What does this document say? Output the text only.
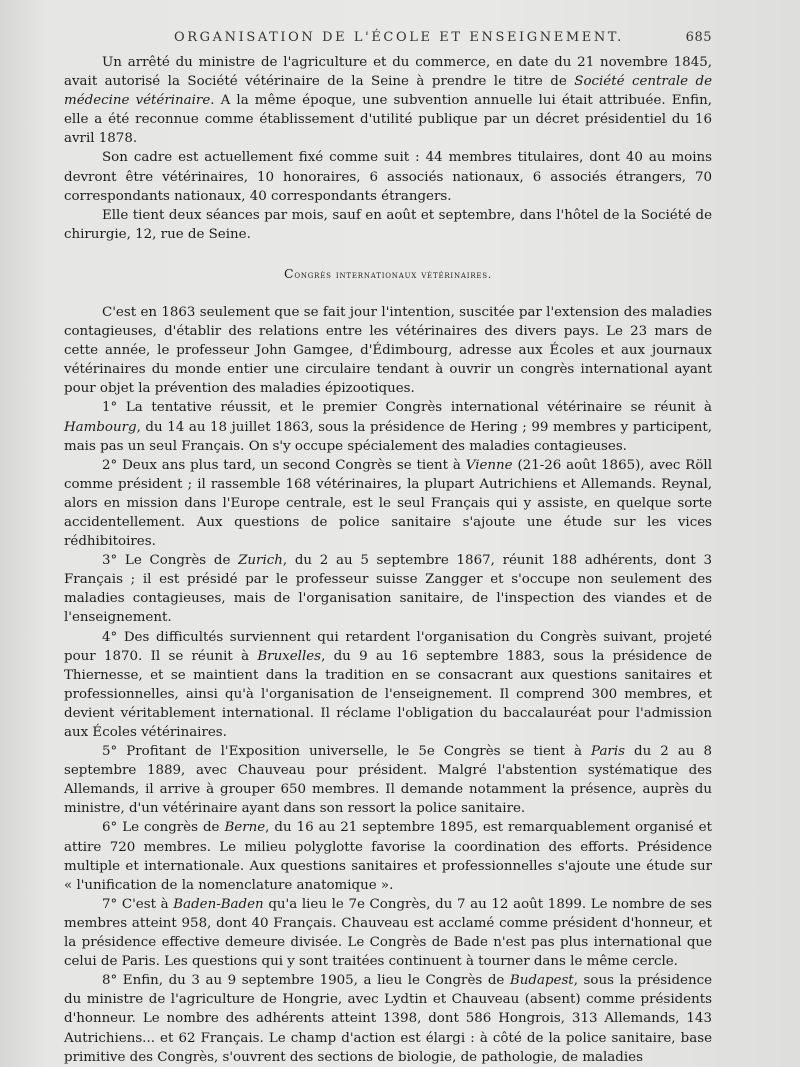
ORGANISATION DE L'ÉCOLE ET ENSEIGNEMENT.	685

Un arrêté du ministre de l'agriculture et du commerce, en date du 21 novembre 1845, avait autorisé la Société vétérinaire de la Seine à prendre le titre de Société centrale de médecine vétérinaire. A la même époque, une subvention annuelle lui était attribuée. Enfin, elle a été reconnue comme établissement d'utilité publique par un décret présidentiel du 16 avril 1878.

Son cadre est actuellement fixé comme suit : 44 membres titulaires, dont 40 au moins devront être vétérinaires, 10 honoraires, 6 associés nationaux, 6 associés étrangers, 70 correspondants nationaux, 40 correspondants étrangers.

Elle tient deux séances par mois, sauf en août et septembre, dans l'hôtel de la Société de chirurgie, 12, rue de Seine.

Congrès internationaux vétérinaires.

C'est en 1863 seulement que se fait jour l'intention, suscitée par l'extension des maladies contagieuses, d'établir des relations entre les vétérinaires des divers pays. Le 23 mars de cette année, le professeur John Gamgee, d'Édimbourg, adresse aux Écoles et aux journaux vétérinaires du monde entier une circulaire tendant à ouvrir un congrès international ayant pour objet la prévention des maladies épizootiques.

1° La tentative réussit, et le premier Congrès international vétérinaire se réunit à Hambourg, du 14 au 18 juillet 1863, sous la présidence de Hering ; 99 membres y participent, mais pas un seul Français. On s'y occupe spécialement des maladies contagieuses.

2° Deux ans plus tard, un second Congrès se tient à Vienne (21-26 août 1865), avec Röll comme président ; il rassemble 168 vétérinaires, la plupart Autrichiens et Allemands. Reynal, alors en mission dans l'Europe centrale, est le seul Français qui y assiste, en quelque sorte accidentellement. Aux questions de police sanitaire s'ajoute une étude sur les vices rédhibitoires.

3° Le Congrès de Zurich, du 2 au 5 septembre 1867, réunit 188 adhérents, dont 3 Français ; il est présidé par le professeur suisse Zangger et s'occupe non seulement des maladies contagieuses, mais de l'organisation sanitaire, de l'inspection des viandes et de l'enseignement.

4° Des difficultés surviennent qui retardent l'organisation du Congrès suivant, projeté pour 1870. Il se réunit à Bruxelles, du 9 au 16 septembre 1883, sous la présidence de Thiernesse, et se maintient dans la tradition en se consacrant aux questions sanitaires et professionnelles, ainsi qu'à l'organisation de l'enseignement. Il comprend 300 membres, et devient véritablement international. Il réclame l'obligation du baccalauréat pour l'admission aux Écoles vétérinaires.

5° Profitant de l'Exposition universelle, le 5e Congrès se tient à Paris du 2 au 8 septembre 1889, avec Chauveau pour président. Malgré l'abstention systématique des Allemands, il arrive à grouper 650 membres. Il demande notamment la présence, auprès du ministre, d'un vétérinaire ayant dans son ressort la police sanitaire.

6° Le congrès de Berne, du 16 au 21 septembre 1895, est remarquablement organisé et attire 720 membres. Le milieu polyglotte favorise la coordination des efforts. Présidence multiple et internationale. Aux questions sanitaires et professionnelles s'ajoute une étude sur « l'unification de la nomenclature anatomique ».

7° C'est à Baden-Baden qu'a lieu le 7e Congrès, du 7 au 12 août 1899. Le nombre de ses membres atteint 958, dont 40 Français. Chauveau est acclamé comme président d'honneur, et la présidence effective demeure divisée. Le Congrès de Bade n'est pas plus international que celui de Paris. Les questions qui y sont traitées continuent à tourner dans le même cercle.

8° Enfin, du 3 au 9 septembre 1905, a lieu le Congrès de Budapest, sous la présidence du ministre de l'agriculture de Hongrie, avec Lydtin et Chauveau (absent) comme présidents d'honneur. Le nombre des adhérents atteint 1398, dont 586 Hongrois, 313 Allemands, 143 Autrichiens... et 62 Français. Le champ d'action est élargi : à côté de la police sanitaire, base primitive des Congrès, s'ouvrent des sections de biologie, de pathologie, de maladies
